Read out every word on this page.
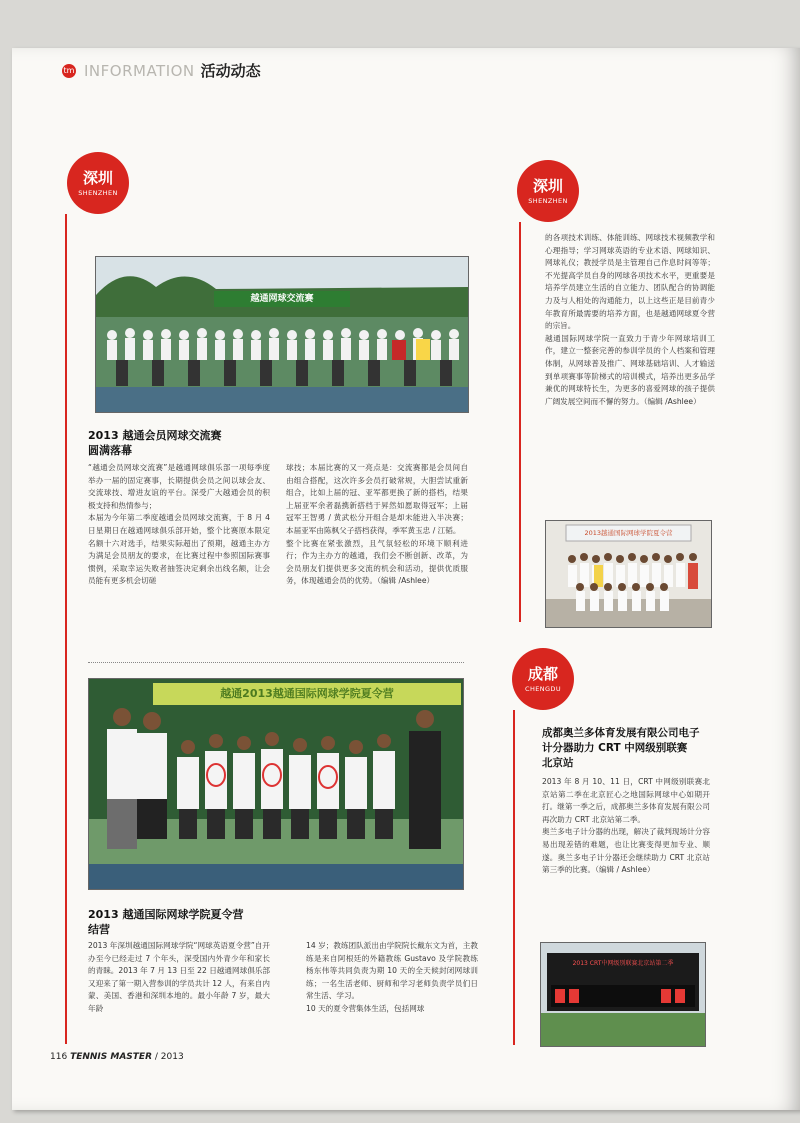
tm INFORMATION 活动动态
深圳
SHENZHEN	深圳
SHENZHEN
成都
CHENGDU
越通网球交流赛
2013 越通会员网球交流赛
圆满落幕
“越通会员网球交流赛”是越通网球俱乐部一项每季度举办一届的固定赛事，长期提供会员之间以球会友、交流球技、增进友谊的平台。深受广大越通会员的积极支持和热情参与；
本届为今年第二季度越通会员网球交流赛，于 8 月 4 日星期日在越通网球俱乐部开始，整个比赛原本限定名额十六对选手，结果实际超出了预期，越通主办方为满足会员朋友的要求，在比赛过程中参照国际赛事惯例，采取幸运失败者抽签决定剩余出线名额，让会员能有更多机会切磋
球技；本届比赛的又一亮点是：交流赛都是会员间自由组合搭配，这次许多会员打破常规，大胆尝试重新组合，比如上届的冠、亚军都更换了新的搭档，结果上届亚军余者磊携新搭档于昇然如愿取得冠军；上届冠军王智勇 / 黄武松分开组合是却未能进入半决赛；本届亚军由陈枫父子搭档获得，季军黄玉忠 / 江韬。
整个比赛在紧张激烈，且气氛轻松的环境下顺利进行；作为主办方的越通，我们会不断创新、改革，为会员朋友们提供更多交流的机会和活动，提供优质服务，体现越通会员的优势。（编辑 /Ashlee）
越通2013越通国际网球学院夏令营
2013 越通国际网球学院夏令营
结营
2013 年深圳越通国际网球学院“网球英语夏令营”自开办至今已经走过 7 个年头，深受国内外青少年和家长的青睐。2013 年 7 月 13 日至 22 日越通网球俱乐部又迎来了第一期入营参训的学员共计 12 人，有来自内蒙、美国、香港和深圳本地的。最小年龄 7 岁，最大年龄
14 岁；教练团队派出由学院院长戴东文为首，主教练是来自阿根廷的外籍教练 Gustavo 及学院教练杨东伟等共同负责为期 10 天的全天候封闭网球训练；一名生活老师、厨师和学习老师负责学员们日常生活、学习。
10 天的夏令营集体生活，包括网球
的各项技术训练、体能训练、网球技术视频教学和心理指导；学习网球英语的专业术语、网球知识、网球礼仪；教授学员是主管理自己作息时间等等；不光提高学员自身的网球各项技术水平，更重要是培养学员建立生活的自立能力、团队配合的协调能力及与人相处的沟通能力，以上这些正是目前青少年教育所最需要的培养方面，也是越通网球夏令营的宗旨。
越通国际网球学院一直致力于青少年网球培训工作，建立一整套完善的参训学员的个人档案和管理体制，从网球普及推广、网球基础培训、人才输送到单项赛事等阶梯式的培训模式，培养出更多品学兼优的网球特长生，为更多的喜爱网球的孩子提供广阔发展空间而不懈的努力。（编辑 /Ashlee）
2013越通国际网球学院夏令营
成都奥兰多体育发展有限公司电子
计分器助力 CRT 中网级别联赛
北京站
2013 年 8 月 10、11 日，CRT 中网级别联赛北京站第二季在北京匠心之地国际网球中心如期开打。继第一季之后，成都奥兰多体育发展有限公司再次助力 CRT 北京站第二季。
奥兰多电子计分器的出现，解决了裁判现场计分容易出现差错的难题，也让比赛变得更加专业、顺遂。奥兰多电子计分器还会继续助力 CRT 北京站第三季的比赛。（编辑 / Ashlee）
2013 CRT中网级别联赛北京站第二季
116 TENNIS MASTER / 2013
